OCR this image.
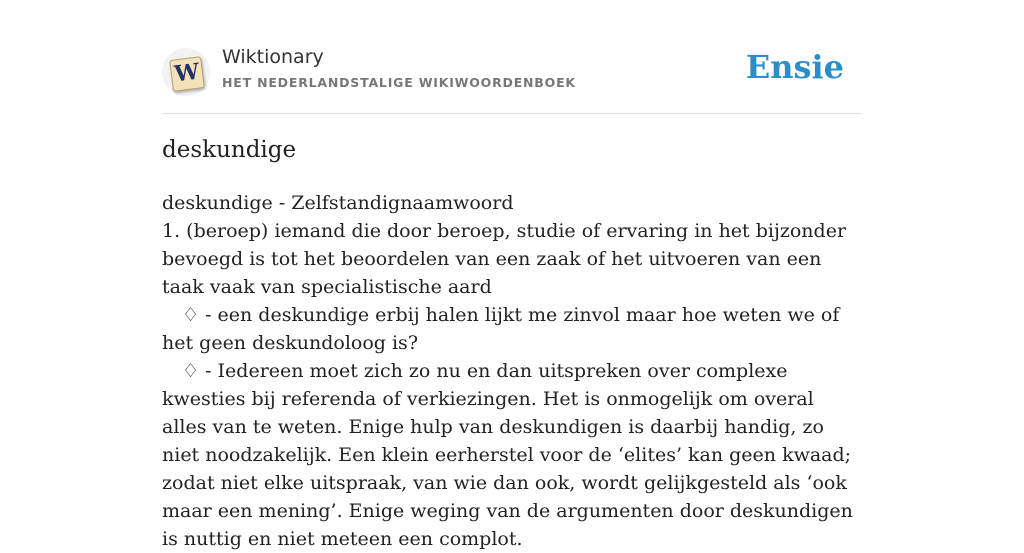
W
Wiktionary
HET NEDERLANDSTALIGE WIKIWOORDENBOEK	Ensie
deskundige

deskundige - Zelfstandignaamwoord

1. (beroep) iemand die door beroep, studie of ervaring in het bijzonder bevoegd is tot het beoordelen van een zaak of het uitvoeren van een taak vaak van specialistische aard

♢ - een deskundige erbij halen lijkt me zinvol maar hoe weten we of het geen deskundoloog is?

♢ - Iedereen moet zich zo nu en dan uitspreken over complexe kwesties bij referenda of verkiezingen. Het is onmogelijk om overal alles van te weten. Enige hulp van deskundigen is daarbij handig, zo niet noodzakelijk. Een klein eerherstel voor de ‘elites’ kan geen kwaad; zodat niet elke uitspraak, van wie dan ook, wordt gelijkgesteld als ‘ook maar een mening’. Enige weging van de argumenten door deskundigen is nuttig en niet meteen een complot.
